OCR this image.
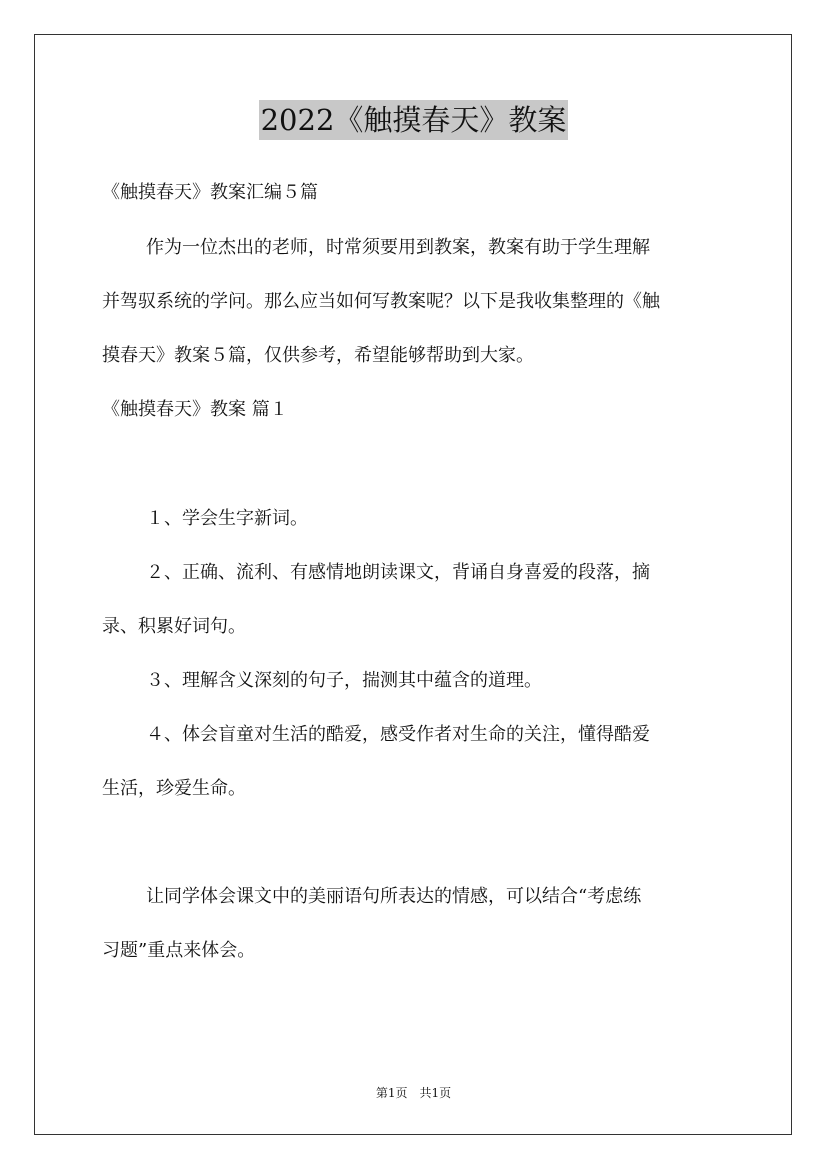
2022《触摸春天》教案
《触摸春天》教案汇编５篇
作为一位杰出的老师，时常须要用到教案，教案有助于学生理解
并驾驭系统的学问。那么应当如何写教案呢？以下是我收集整理的《触
摸春天》教案５篇，仅供参考，希望能够帮助到大家。
《触摸春天》教案 篇１
１、学会生字新词。
２、正确、流利、有感情地朗读课文，背诵自身喜爱的段落，摘
录、积累好词句。
３、理解含义深刻的句子，揣测其中蕴含的道理。
４、体会盲童对生活的酷爱，感受作者对生命的关注，懂得酷爱
生活，珍爱生命。
让同学体会课文中的美丽语句所表达的情感，可以结合“考虑练
习题”重点来体会。
第1页　共1页
